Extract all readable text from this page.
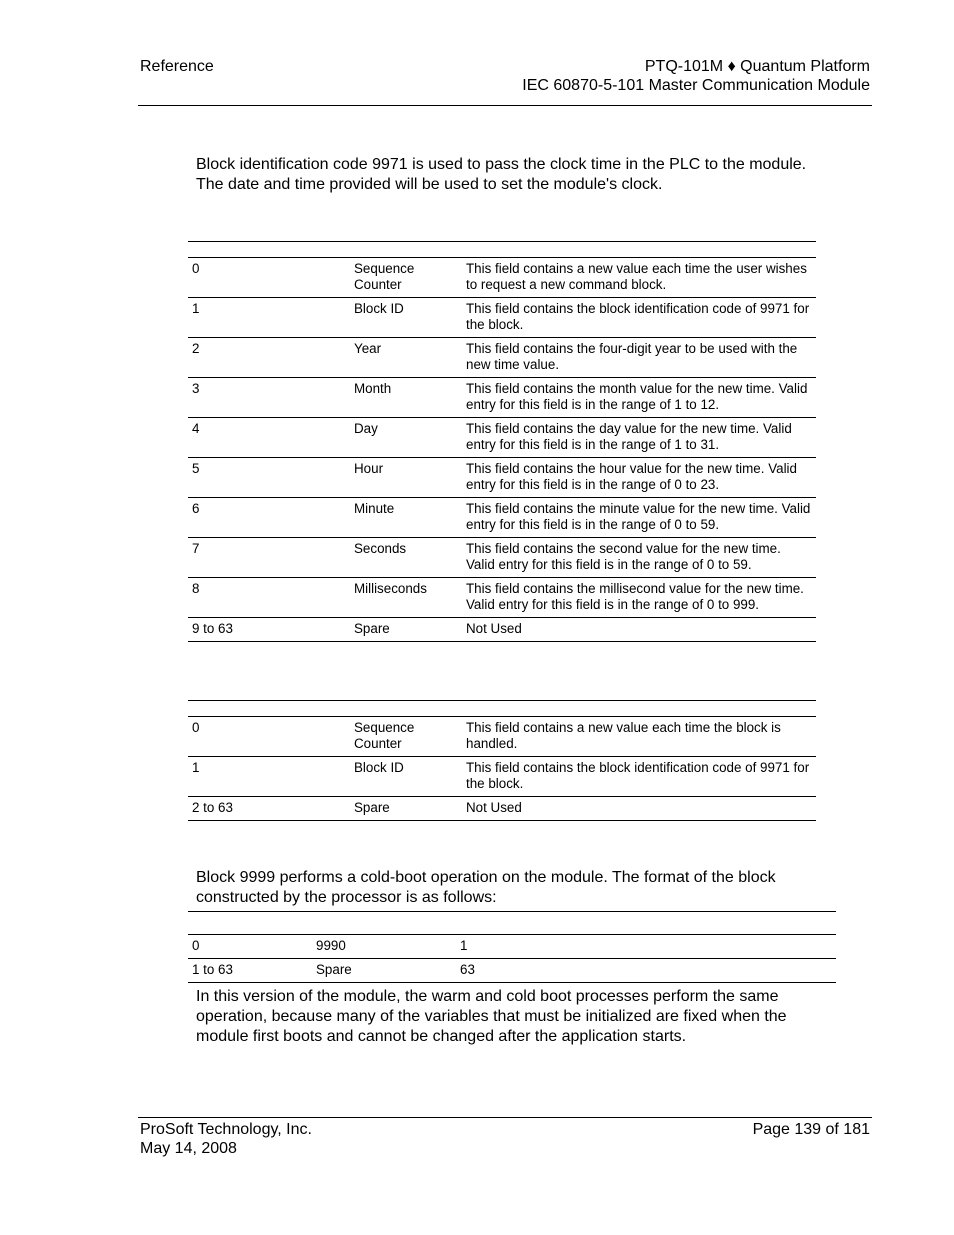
Reference	PTQ-101M ♦ Quantum Platform
IEC 60870-5-101 Master Communication Module
Block identification code 9971 is used to pass the clock time in the PLC to the module. The date and time provided will be used to set the module's clock.

0	Sequence Counter	This field contains a new value each time the user wishes to request a new command block.
1	Block ID	This field contains the block identification code of 9971 for the block.
2	Year	This field contains the four-digit year to be used with the new time value.
3	Month	This field contains the month value for the new time. Valid entry for this field is in the range of 1 to 12.
4	Day	This field contains the day value for the new time. Valid entry for this field is in the range of 1 to 31.
5	Hour	This field contains the hour value for the new time. Valid entry for this field is in the range of 0 to 23.
6	Minute	This field contains the minute value for the new time. Valid entry for this field is in the range of 0 to 59.
7	Seconds	This field contains the second value for the new time. Valid entry for this field is in the range of 0 to 59.
8	Milliseconds	This field contains the millisecond value for the new time. Valid entry for this field is in the range of 0 to 999.
9 to 63	Spare	Not Used

0	Sequence Counter	This field contains a new value each time the block is handled.
1	Block ID	This field contains the block identification code of 9971 for the block.
2 to 63	Spare	Not Used
Block 9999 performs a cold-boot operation on the module. The format of the block constructed by the processor is as follows:

0	9990	1
1 to 63	Spare	63
In this version of the module, the warm and cold boot processes perform the same operation, because many of the variables that must be initialized are fixed when the module first boots and cannot be changed after the application starts.
ProSoft Technology, Inc.
May 14, 2008
Page 139 of 181
